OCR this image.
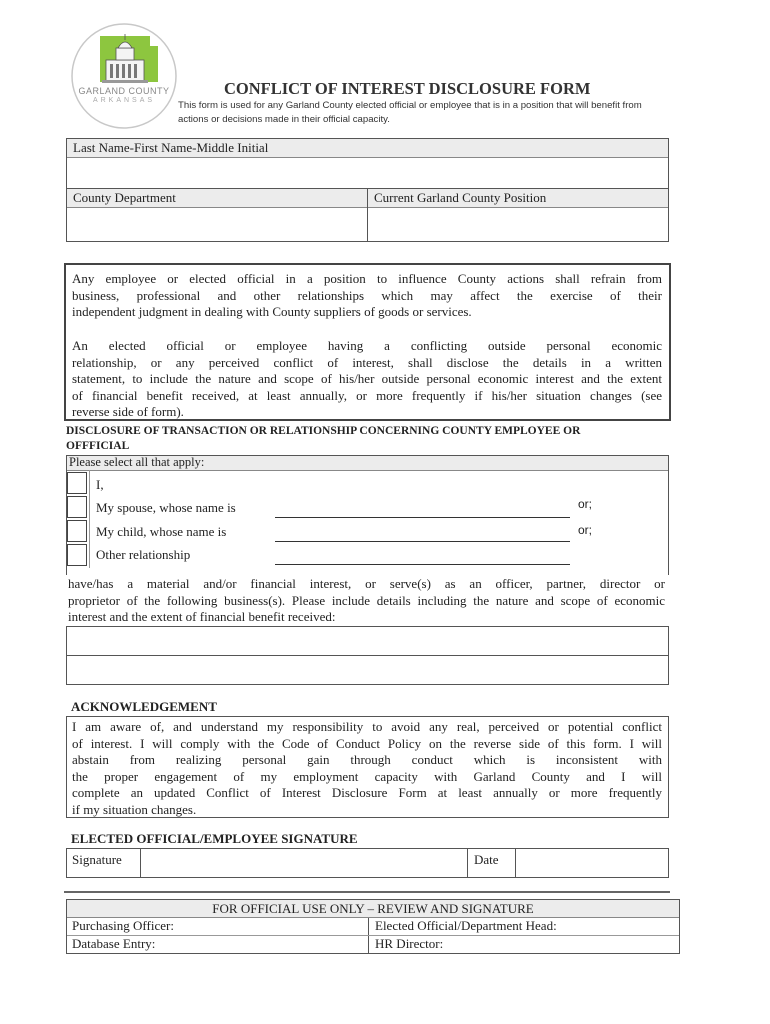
GARLAND COUNTY
ARKANSAS
CONFLICT OF INTEREST DISCLOSURE FORM
This form is used for any Garland County elected official or employee that is in a position that will benefit from
actions or decisions made in their official capacity.
Last Name-First Name-Middle Initial
County Department	Current Garland County Position
Any employee or elected official in a position to influence County actions shall refrain from
business, professional and other relationships which may affect the exercise of their
independent judgment in dealing with County suppliers of goods or services.
An elected official or employee having a conflicting outside personal economic
relationship, or any perceived conflict of interest, shall disclose the details in a written
statement, to include the nature and scope of his/her outside personal economic interest and the extent
of financial benefit received, at least annually, or more frequently if his/her situation changes (see
reverse side of form).
DISCLOSURE OF TRANSACTION OR RELATIONSHIP CONCERNING COUNTY EMPLOYEE OR
OFFFICIAL
Please select all that apply:
I,
My spouse, whose name is
My child, whose name is
Other relationship
or;
or;
have/has a material and/or financial interest, or serve(s) as an officer, partner, director or
proprietor of the following business(s). Please include details including the nature and scope of economic
interest and the extent of financial benefit received:
ACKNOWLEDGEMENT
I am aware of, and understand my responsibility to avoid any real, perceived or potential conflict
of interest. I will comply with the Code of Conduct Policy on the reverse side of this form. I will
abstain from realizing personal gain through conduct which is inconsistent with
the proper engagement of my employment capacity with Garland County and I will
complete an updated Conflict of Interest Disclosure Form at least annually or more frequently
if my situation changes.
ELECTED OFFICIAL/EMPLOYEE SIGNATURE
Signature	Date
FOR OFFICIAL USE ONLY – REVIEW AND SIGNATURE
Purchasing Officer:	Elected Official/Department Head:
Database Entry:	HR Director:
